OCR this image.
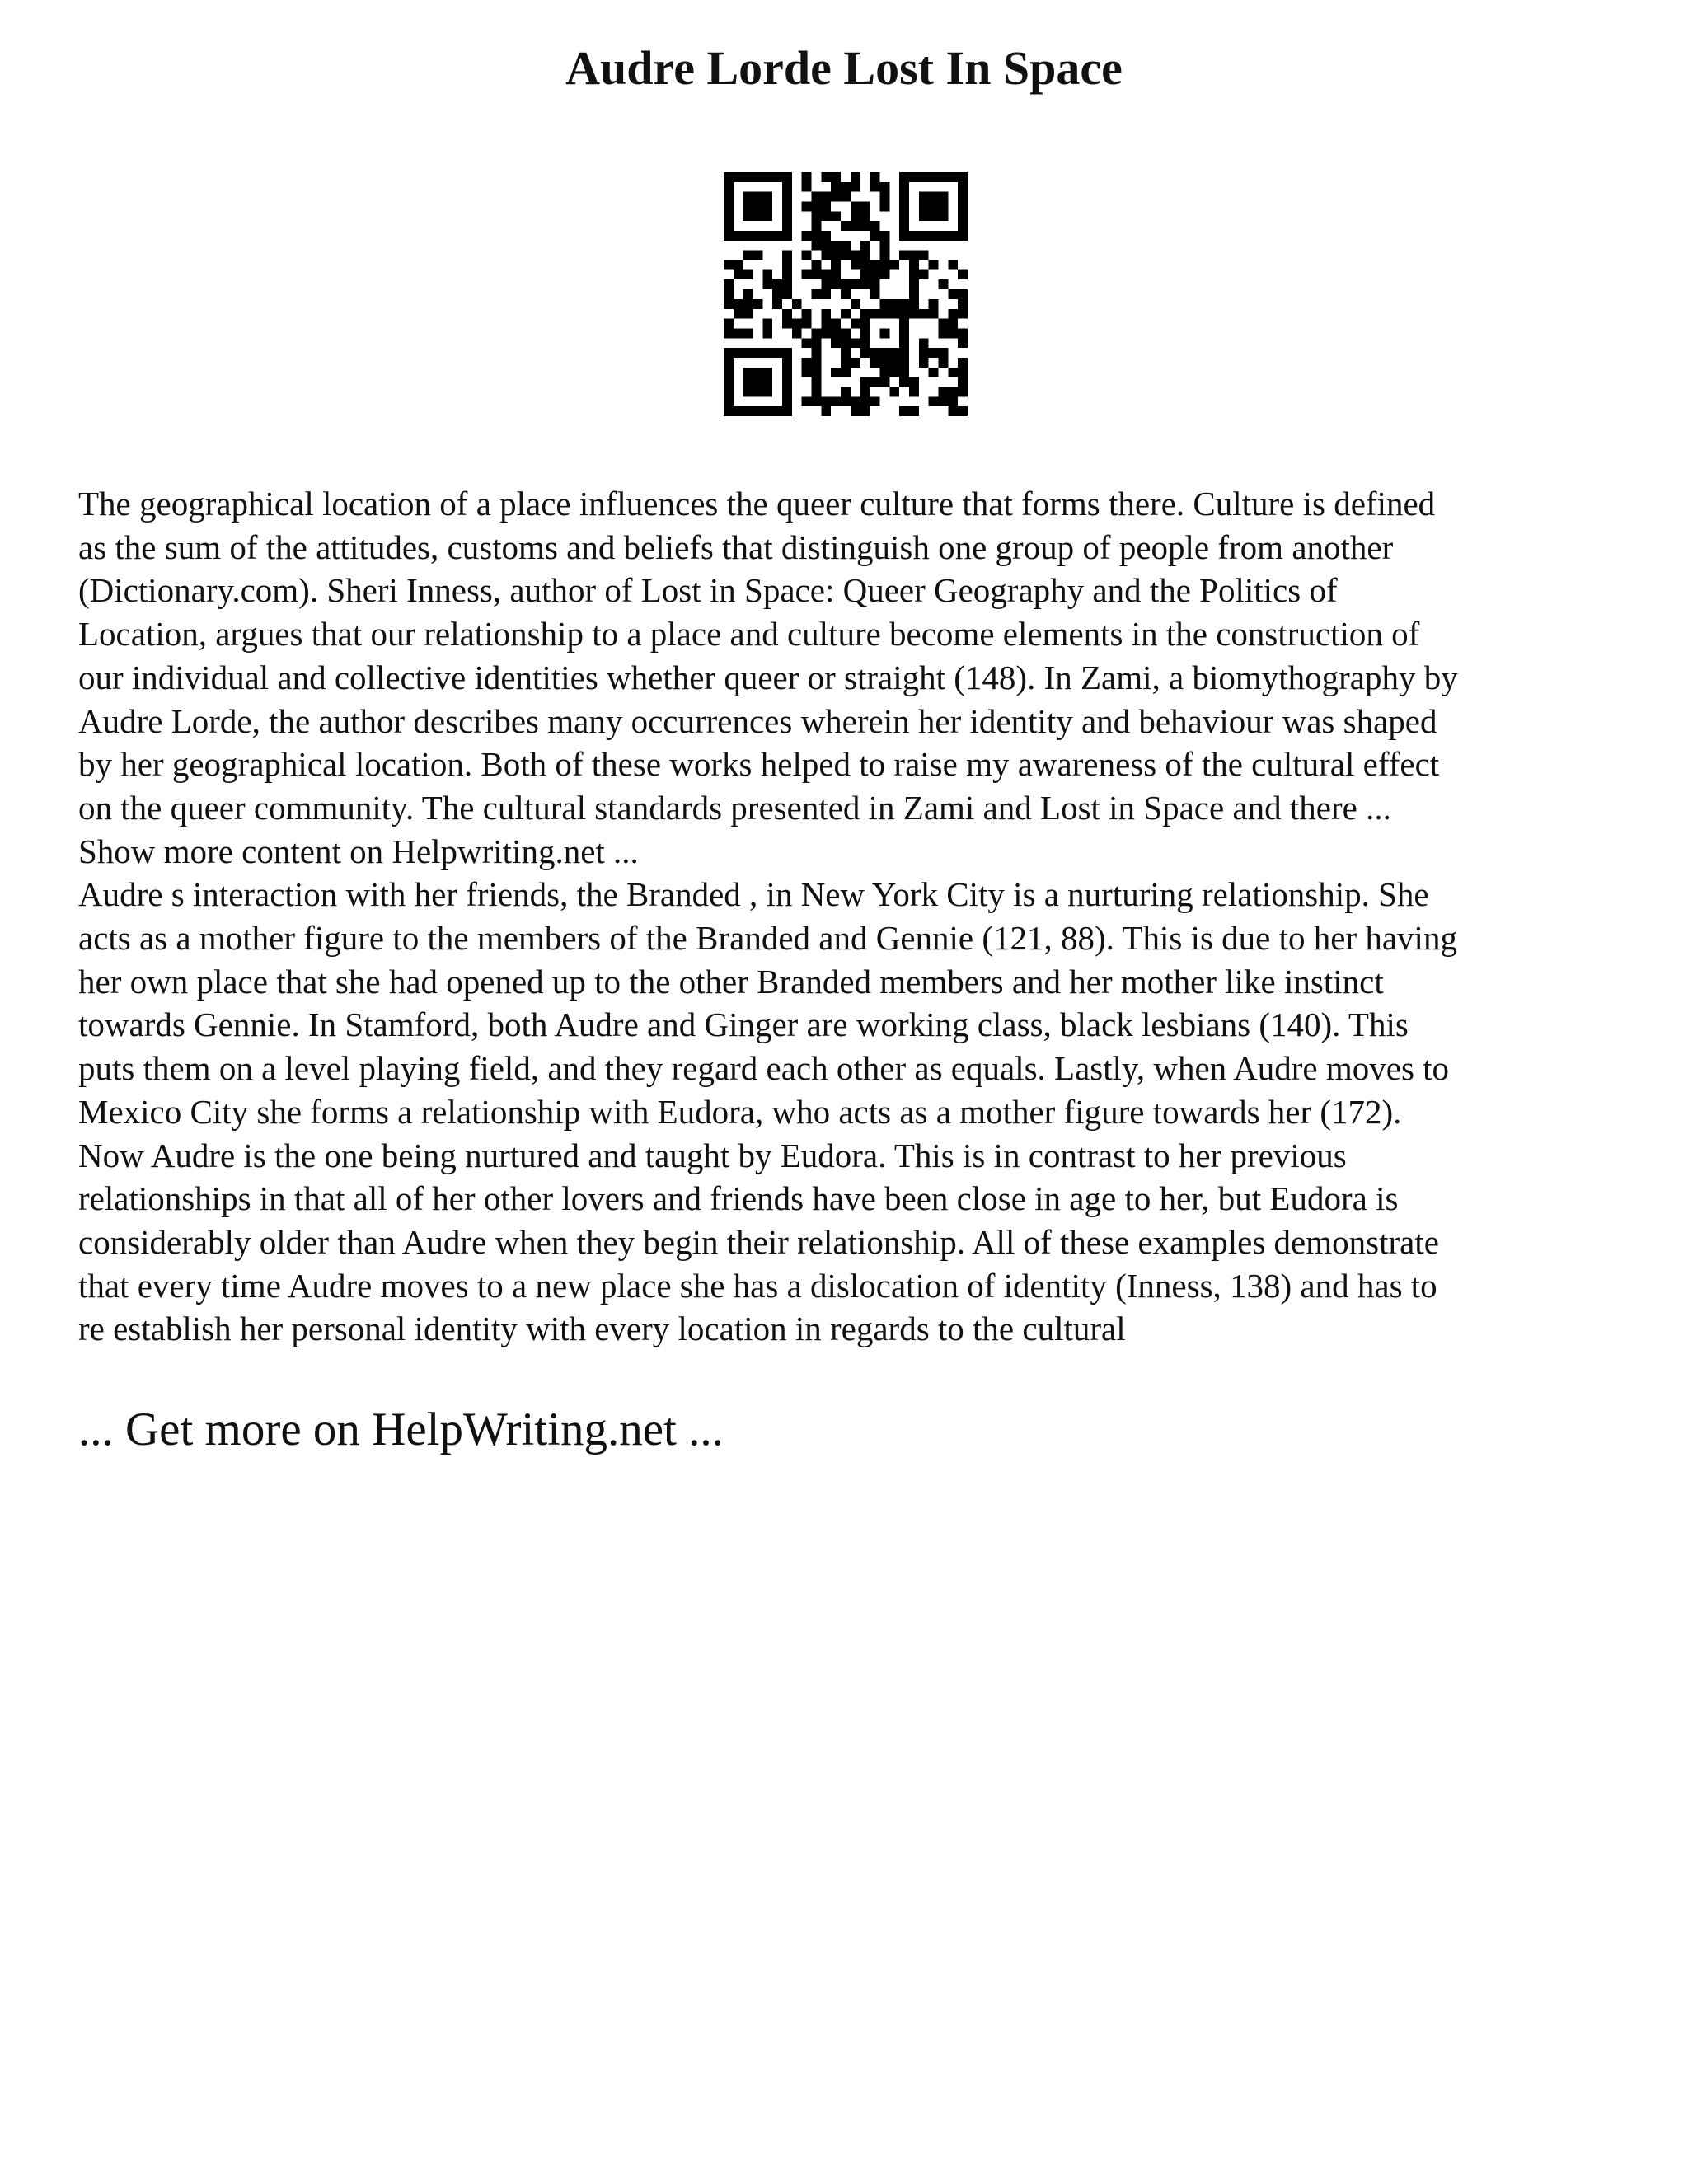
Audre Lorde Lost In Space

The geographical location of a place influences the queer culture that forms there. Culture is defined
as the sum of the attitudes, customs and beliefs that distinguish one group of people from another
(Dictionary.com). Sheri Inness, author of Lost in Space: Queer Geography and the Politics of
Location, argues that our relationship to a place and culture become elements in the construction of
our individual and collective identities whether queer or straight (148). In Zami, a biomythography by
Audre Lorde, the author describes many occurrences wherein her identity and behaviour was shaped
by her geographical location. Both of these works helped to raise my awareness of the cultural effect
on the queer community. The cultural standards presented in Zami and Lost in Space and there ...

Show more content on Helpwriting.net ...

Audre s interaction with her friends, the Branded , in New York City is a nurturing relationship. She
acts as a mother figure to the members of the Branded and Gennie (121, 88). This is due to her having
her own place that she had opened up to the other Branded members and her mother like instinct
towards Gennie. In Stamford, both Audre and Ginger are working class, black lesbians (140). This
puts them on a level playing field, and they regard each other as equals. Lastly, when Audre moves to
Mexico City she forms a relationship with Eudora, who acts as a mother figure towards her (172).
Now Audre is the one being nurtured and taught by Eudora. This is in contrast to her previous
relationships in that all of her other lovers and friends have been close in age to her, but Eudora is
considerably older than Audre when they begin their relationship. All of these examples demonstrate
that every time Audre moves to a new place she has a dislocation of identity (Inness, 138) and has to
re establish her personal identity with every location in regards to the cultural

... Get more on HelpWriting.net ...
